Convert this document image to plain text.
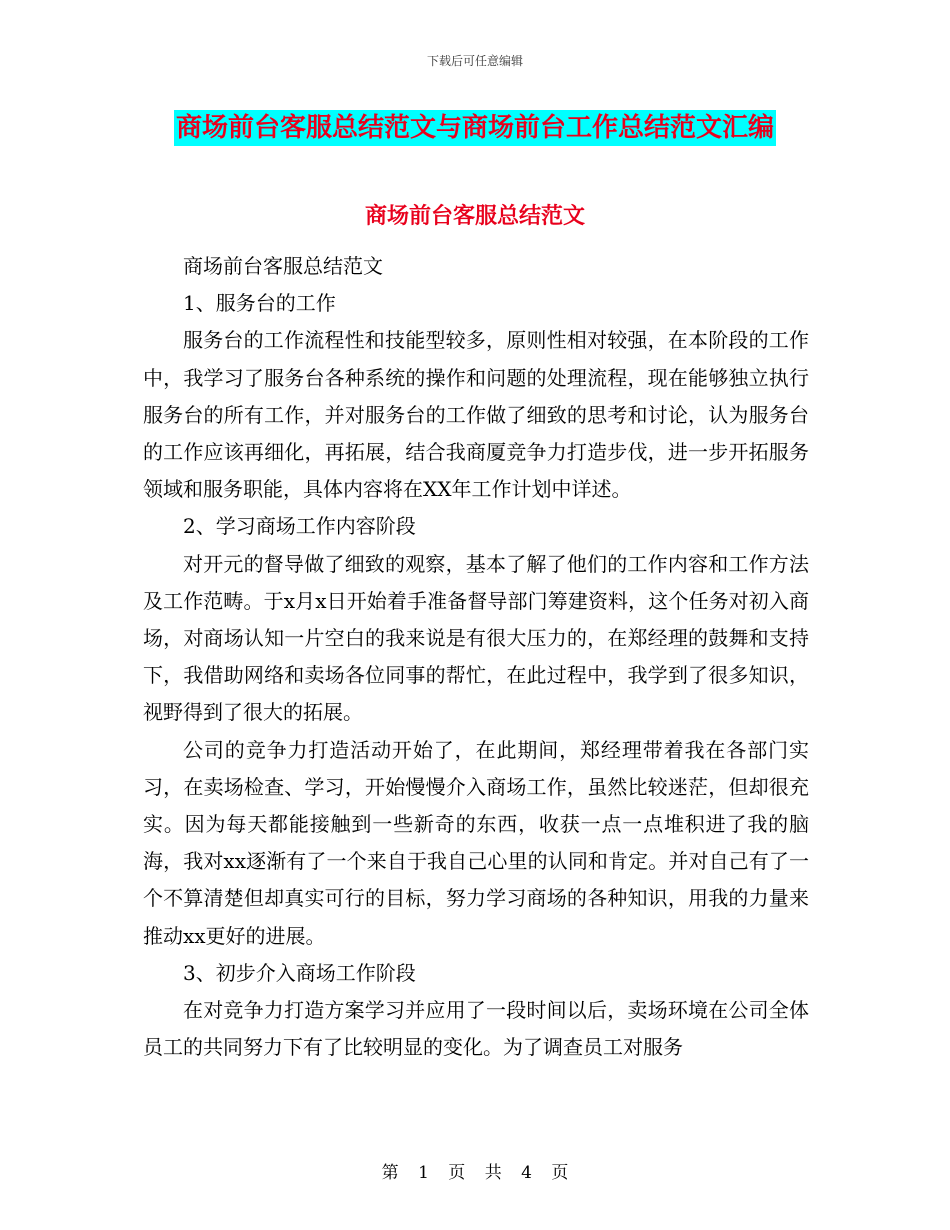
下载后可任意编辑
商场前台客服总结范文与商场前台工作总结范文汇编
商场前台客服总结范文

商场前台客服总结范文

1、服务台的工作

服务台的工作流程性和技能型较多，原则性相对较强，在本阶段的工作中，我学习了服务台各种系统的操作和问题的处理流程，现在能够独立执行服务台的所有工作，并对服务台的工作做了细致的思考和讨论，认为服务台的工作应该再细化，再拓展，结合我商厦竞争力打造步伐，进一步开拓服务领域和服务职能，具体内容将在XX年工作计划中详述。

2、学习商场工作内容阶段

对开元的督导做了细致的观察，基本了解了他们的工作内容和工作方法及工作范畴。于x月x日开始着手准备督导部门筹建资料，这个任务对初入商场，对商场认知一片空白的我来说是有很大压力的，在郑经理的鼓舞和支持下，我借助网络和卖场各位同事的帮忙，在此过程中，我学到了很多知识，视野得到了很大的拓展。

公司的竞争力打造活动开始了，在此期间，郑经理带着我在各部门实习，在卖场检查、学习，开始慢慢介入商场工作，虽然比较迷茫，但却很充实。因为每天都能接触到一些新奇的东西，收获一点一点堆积进了我的脑海，我对xx逐渐有了一个来自于我自己心里的认同和肯定。并对自己有了一个不算清楚但却真实可行的目标，努力学习商场的各种知识，用我的力量来推动xx更好的进展。

3、初步介入商场工作阶段

在对竞争力打造方案学习并应用了一段时间以后，卖场环境在公司全体员工的共同努力下有了比较明显的变化。为了调查员工对服务

第 1 页 共 4 页
